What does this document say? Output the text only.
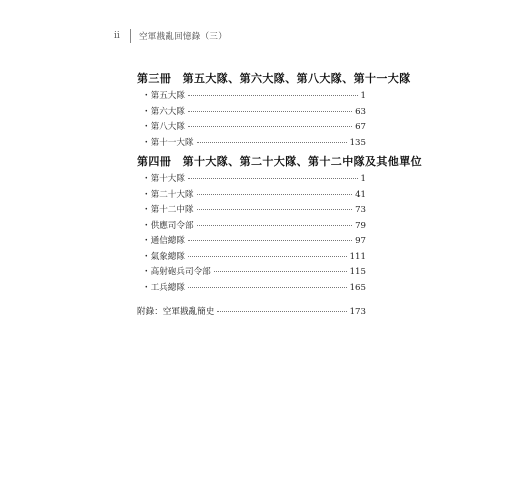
ii	空軍戡亂回憶錄（三）
第三冊　第五大隊、第六大隊、第八大隊、第十一大隊
・第五大隊	1
・第六大隊	63
・第八大隊	67
・第十一大隊	135
第四冊　第十大隊、第二十大隊、第十二中隊及其他單位
・第十大隊	1
・第二十大隊	41
・第十二中隊	73
・供應司令部	79
・通信總隊	97
・氣象總隊	111
・高射砲兵司令部	115
・工兵總隊	165
附錄：空軍戡亂簡史	173
